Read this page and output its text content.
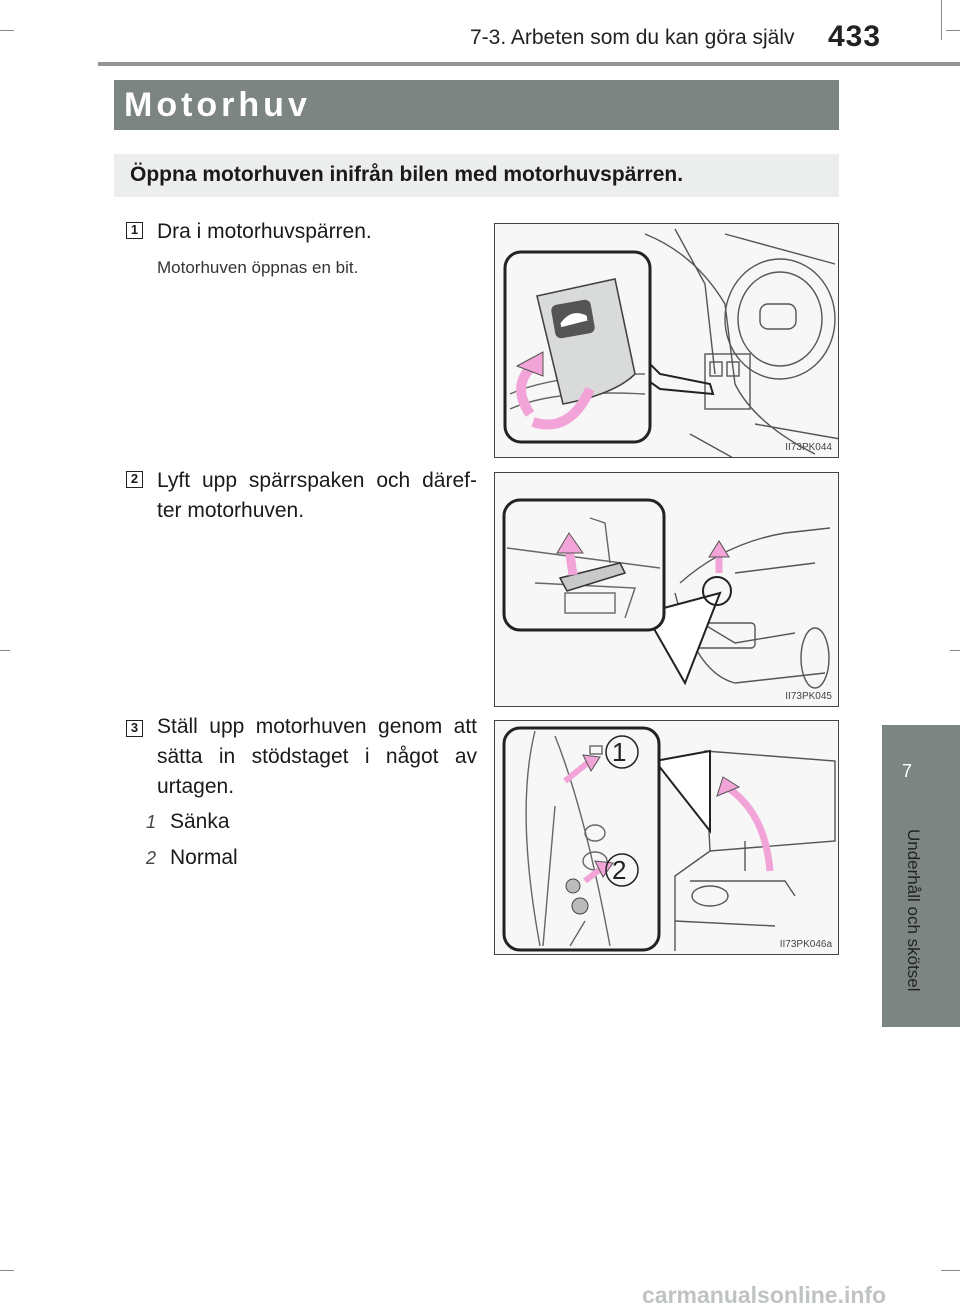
7-3. Arbeten som du kan göra själv 433
Motorhuv
Öppna motorhuven inifrån bilen med motorhuvspärren.
1 Dra i motorhuvspärren.
Motorhuven öppnas en bit.
II73PK044
2 Lyft upp spärrspaken och däref-ter motorhuven.
II73PK045
3 Ställ upp motorhuven genom att sätta in stödstaget i något av urtagen.
1 Sänka
2 Normal
1
2
II73PK046a
7
Underhåll och skötsel
carmanualsonline.info
